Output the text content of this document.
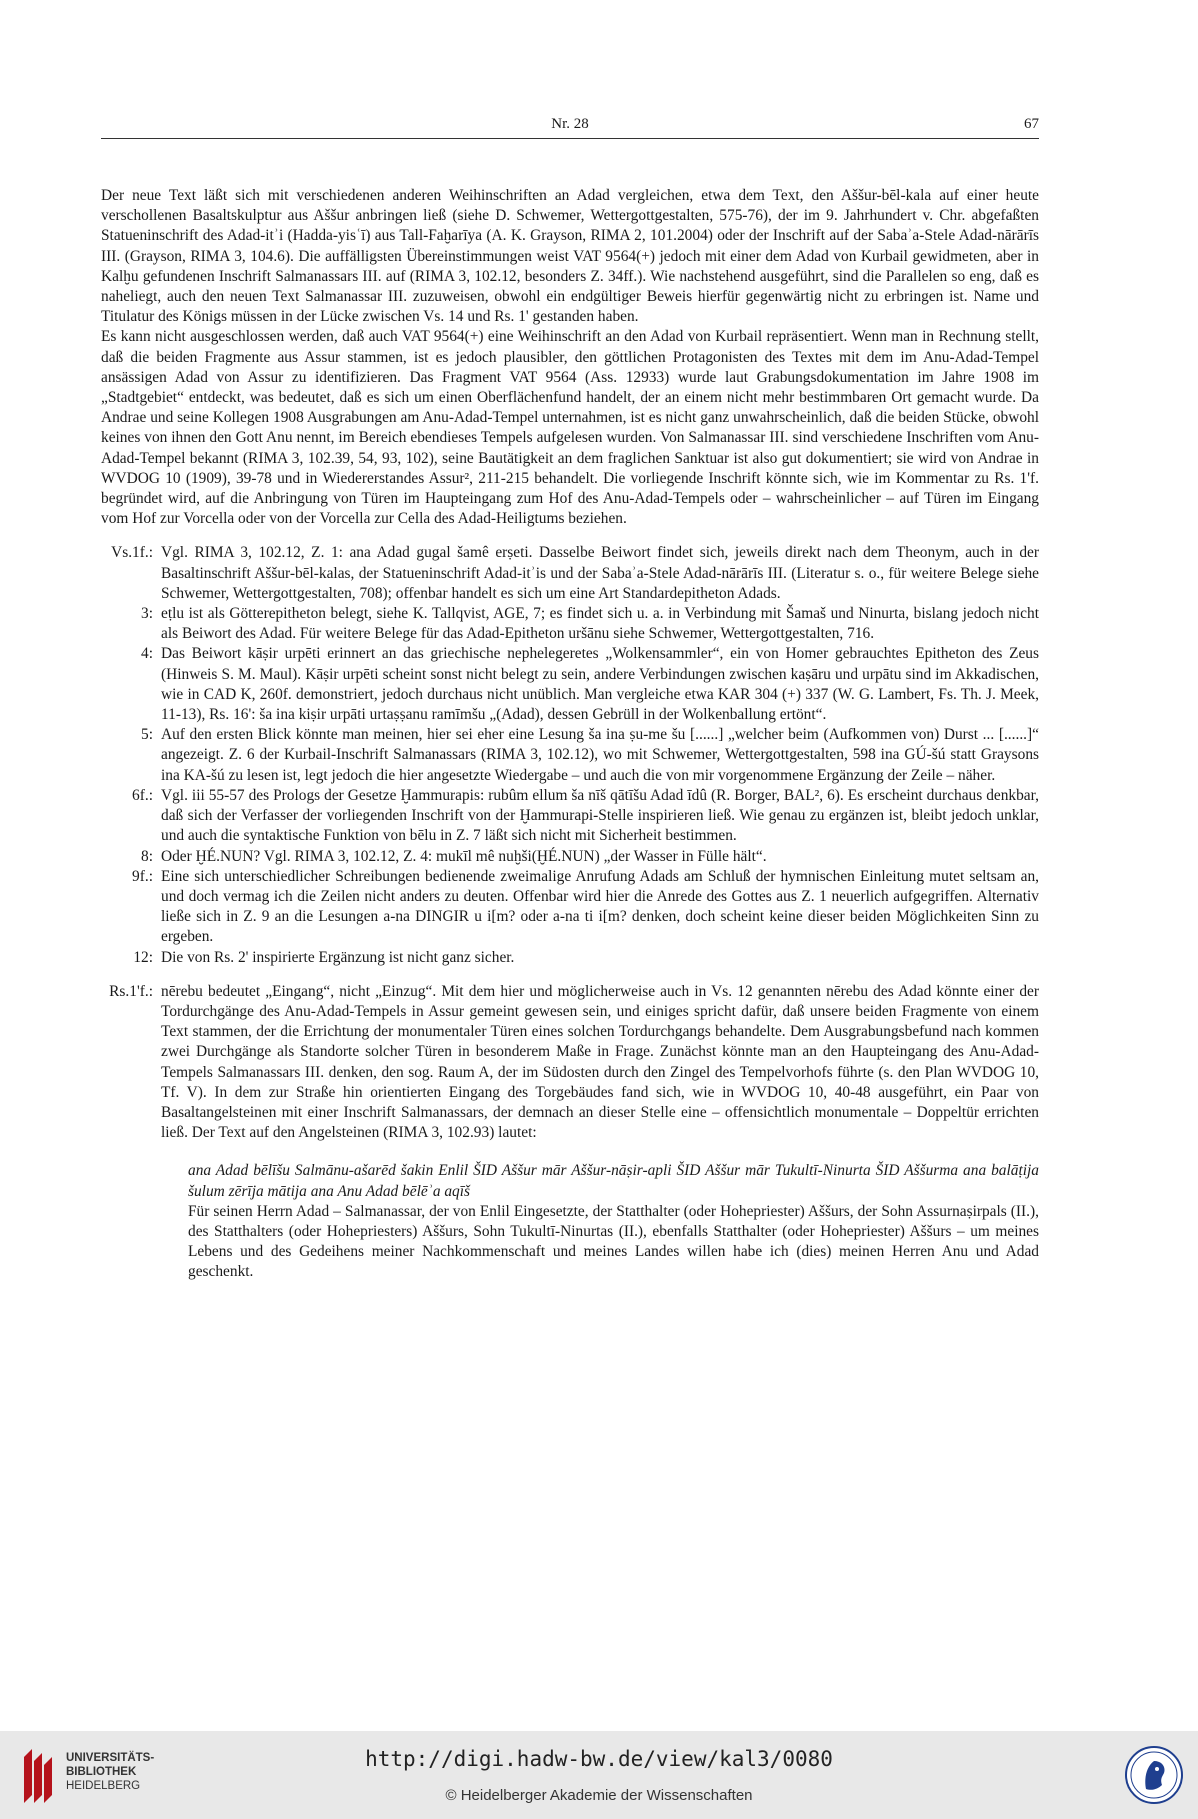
Nr. 28	67

Der neue Text läßt sich mit verschiedenen anderen Weihinschriften an Adad vergleichen, etwa dem Text, den Aššur-bēl-kala auf einer heute verschollenen Basaltskulptur aus Aššur anbringen ließ (siehe D. Schwemer, Wettergottgestalten, 575-76), der im 9. Jahrhundert v. Chr. abgefaßten Statueninschrift des Adad-itʾi (Hadda-yisʿī) aus Tall-Faḫarīya (A. K. Grayson, RIMA 2, 101.2004) oder der Inschrift auf der Sabaʾa-Stele Adad-nārārīs III. (Grayson, RIMA 3, 104.6). Die auffälligsten Übereinstimmungen weist VAT 9564(+) jedoch mit einer dem Adad von Kurbail gewidmeten, aber in Kalḫu gefundenen Inschrift Salmanassars III. auf (RIMA 3, 102.12, besonders Z. 34ff.). Wie nachstehend ausgeführt, sind die Parallelen so eng, daß es naheliegt, auch den neuen Text Salmanassar III. zuzuweisen, obwohl ein endgültiger Beweis hierfür gegenwärtig nicht zu erbringen ist. Name und Titulatur des Königs müssen in der Lücke zwischen Vs. 14 und Rs. 1' gestanden haben.

Es kann nicht ausgeschlossen werden, daß auch VAT 9564(+) eine Weihinschrift an den Adad von Kurbail repräsentiert. Wenn man in Rechnung stellt, daß die beiden Fragmente aus Assur stammen, ist es jedoch plausibler, den göttlichen Protagonisten des Textes mit dem im Anu-Adad-Tempel ansässigen Adad von Assur zu identifizieren. Das Fragment VAT 9564 (Ass. 12933) wurde laut Grabungsdokumentation im Jahre 1908 im „Stadtgebiet“ entdeckt, was bedeutet, daß es sich um einen Oberflächenfund handelt, der an einem nicht mehr bestimmbaren Ort gemacht wurde. Da Andrae und seine Kollegen 1908 Ausgrabungen am Anu-Adad-Tempel unternahmen, ist es nicht ganz unwahrscheinlich, daß die beiden Stücke, obwohl keines von ihnen den Gott Anu nennt, im Bereich ebendieses Tempels aufgelesen wurden. Von Salmanassar III. sind verschiedene Inschriften vom Anu-Adad-Tempel bekannt (RIMA 3, 102.39, 54, 93, 102), seine Bautätigkeit an dem fraglichen Sanktuar ist also gut dokumentiert; sie wird von Andrae in WVDOG 10 (1909), 39-78 und in Wiedererstandes Assur², 211-215 behandelt. Die vorliegende Inschrift könnte sich, wie im Kommentar zu Rs. 1'f. begründet wird, auf die Anbringung von Türen im Haupteingang zum Hof des Anu-Adad-Tempels oder – wahrscheinlicher – auf Türen im Eingang vom Hof zur Vorcella oder von der Vorcella zur Cella des Adad-Heiligtums beziehen.

Vs.1f.: Vgl. RIMA 3, 102.12, Z. 1: ana Adad gugal šamê erṣeti. Dasselbe Beiwort findet sich, jeweils direkt nach dem Theonym, auch in der Basaltinschrift Aššur-bēl-kalas, der Statueninschrift Adad-itʾis und der Sabaʾa-Stele Adad-nārārīs III. (Literatur s. o., für weitere Belege siehe Schwemer, Wettergottgestalten, 708); offenbar handelt es sich um eine Art Standardepitheton Adads.
3: eṭlu ist als Götterepitheton belegt, siehe K. Tallqvist, AGE, 7; es findet sich u. a. in Verbindung mit Šamaš und Ninurta, bislang jedoch nicht als Beiwort des Adad. Für weitere Belege für das Adad-Epitheton uršānu siehe Schwemer, Wettergottgestalten, 716.
4: Das Beiwort kāṣir urpēti erinnert an das griechische nephelegeretes „Wolkensammler“, ein von Homer gebrauchtes Epitheton des Zeus (Hinweis S. M. Maul). Kāṣir urpēti scheint sonst nicht belegt zu sein, andere Verbindungen zwischen kaṣāru und urpātu sind im Akkadischen, wie in CAD K, 260f. demonstriert, jedoch durchaus nicht unüblich. Man vergleiche etwa KAR 304 (+) 337 (W. G. Lambert, Fs. Th. J. Meek, 11-13), Rs. 16': ša ina kiṣir urpāti urtaṣṣanu ramīmšu „(Adad), dessen Gebrüll in der Wolkenballung ertönt“.
5: Auf den ersten Blick könnte man meinen, hier sei eher eine Lesung ša ina ṣu-me šu [......] „welcher beim (Aufkommen von) Durst ... [......]“ angezeigt. Z. 6 der Kurbail-Inschrift Salmanassars (RIMA 3, 102.12), wo mit Schwemer, Wettergottgestalten, 598 ina GÚ-šú statt Graysons ina KA-šú zu lesen ist, legt jedoch die hier angesetzte Wiedergabe – und auch die von mir vorgenommene Ergänzung der Zeile – näher.
6f.: Vgl. iii 55-57 des Prologs der Gesetze Ḫammurapis: rubûm ellum ša nīš qātīšu Adad īdû (R. Borger, BAL², 6). Es erscheint durchaus denkbar, daß sich der Verfasser der vorliegenden Inschrift von der Ḫammurapi-Stelle inspirieren ließ. Wie genau zu ergänzen ist, bleibt jedoch unklar, und auch die syntaktische Funktion von bēlu in Z. 7 läßt sich nicht mit Sicherheit bestimmen.
8: Oder ḪÉ.NUN? Vgl. RIMA 3, 102.12, Z. 4: mukīl mê nuḫši(ḪÉ.NUN) „der Wasser in Fülle hält“.
9f.: Eine sich unterschiedlicher Schreibungen bedienende zweimalige Anrufung Adads am Schluß der hymnischen Einleitung mutet seltsam an, und doch vermag ich die Zeilen nicht anders zu deuten. Offenbar wird hier die Anrede des Gottes aus Z. 1 neuerlich aufgegriffen. Alternativ ließe sich in Z. 9 an die Lesungen a-na DINGIR u i[m? oder a-na ti i[m? denken, doch scheint keine dieser beiden Möglichkeiten Sinn zu ergeben.
12: Die von Rs. 2' inspirierte Ergänzung ist nicht ganz sicher.
Rs.1'f.: nērebu bedeutet „Eingang“, nicht „Einzug“. Mit dem hier und möglicherweise auch in Vs. 12 genannten nērebu des Adad könnte einer der Tordurchgänge des Anu-Adad-Tempels in Assur gemeint gewesen sein, und einiges spricht dafür, daß unsere beiden Fragmente von einem Text stammen, der die Errichtung der monumentaler Türen eines solchen Tordurchgangs behandelte. Dem Ausgrabungsbefund nach kommen zwei Durchgänge als Standorte solcher Türen in besonderem Maße in Frage. Zunächst könnte man an den Haupteingang des Anu-Adad-Tempels Salmanassars III. denken, den sog. Raum A, der im Südosten durch den Zingel des Tempelvorhofs führte (s. den Plan WVDOG 10, Tf. V). In dem zur Straße hin orientierten Eingang des Torgebäudes fand sich, wie in WVDOG 10, 40-48 ausgeführt, ein Paar von Basaltangelsteinen mit einer Inschrift Salmanassars, der demnach an dieser Stelle eine – offensichtlich monumentale – Doppeltür errichten ließ. Der Text auf den Angelsteinen (RIMA 3, 102.93) lautet:
ana Adad bēlīšu Salmānu-ašarēd šakin Enlil ŠID Aššur mār Aššur-nāṣir-apli ŠID Aššur mār Tukultī-Ninurta ŠID Aššurma ana balāṭija šulum zērīja mātija ana Anu Adad bēlēʾa aqīš
Für seinen Herrn Adad – Salmanassar, der von Enlil Eingesetzte, der Statthalter (oder Hohepriester) Aššurs, der Sohn Assurnaṣirpals (II.), des Statthalters (oder Hohepriesters) Aššurs, Sohn Tukultī-Ninurtas (II.), ebenfalls Statthalter (oder Hohepriester) Aššurs – um meines Lebens und des Gedeihens meiner Nachkommenschaft und meines Landes willen habe ich (dies) meinen Herren Anu und Adad geschenkt.
UNIVERSITÄTS-
BIBLIOTHEK
HEIDELBERG
http://digi.hadw-bw.de/view/kal3/0080
© Heidelberger Akademie der Wissenschaften
